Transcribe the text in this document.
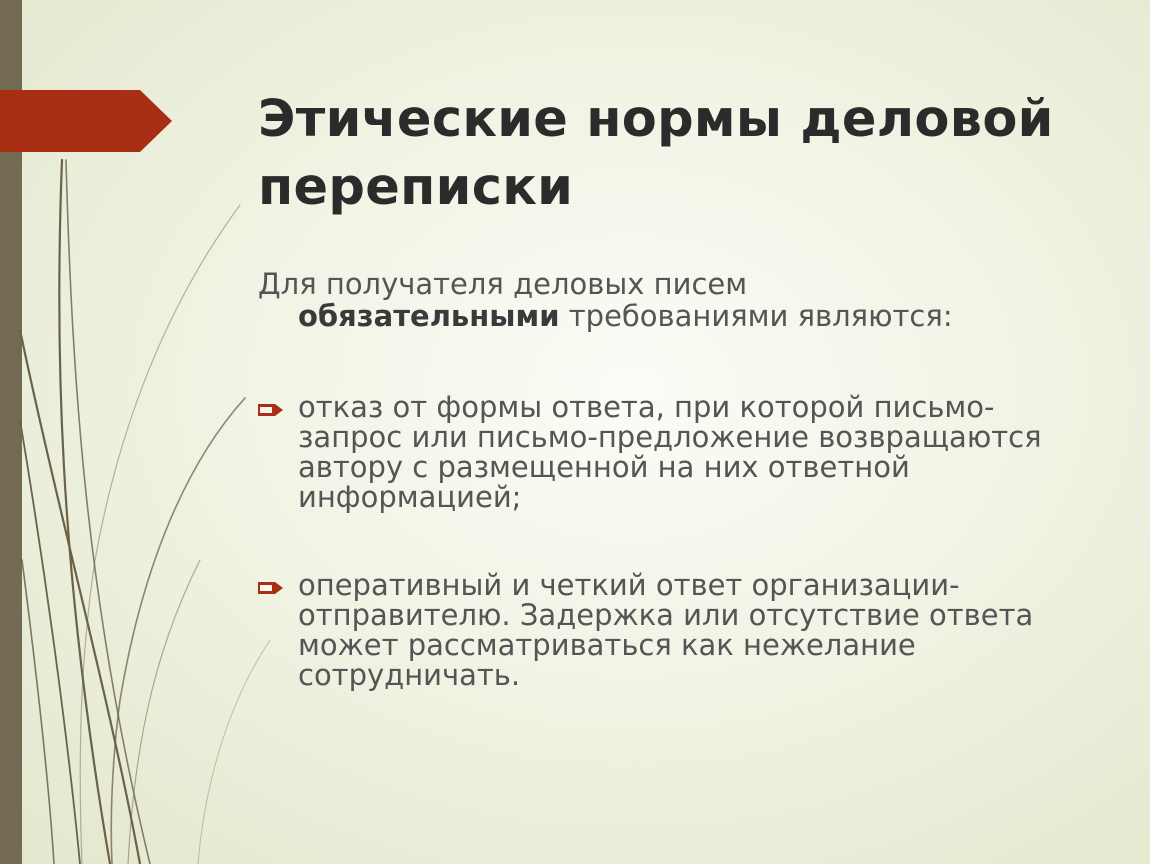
Этические нормы деловой переписки
Для получателя деловых писем
обязательными требованиями являются:
отказ от формы ответа, при которой письмо-запрос или письмо-предложение возвращаются автору с размещенной на них ответной информацией;
оперативный и четкий ответ организации-отправителю. Задержка или отсутствие ответа может рассматриваться как нежелание сотрудничать.
